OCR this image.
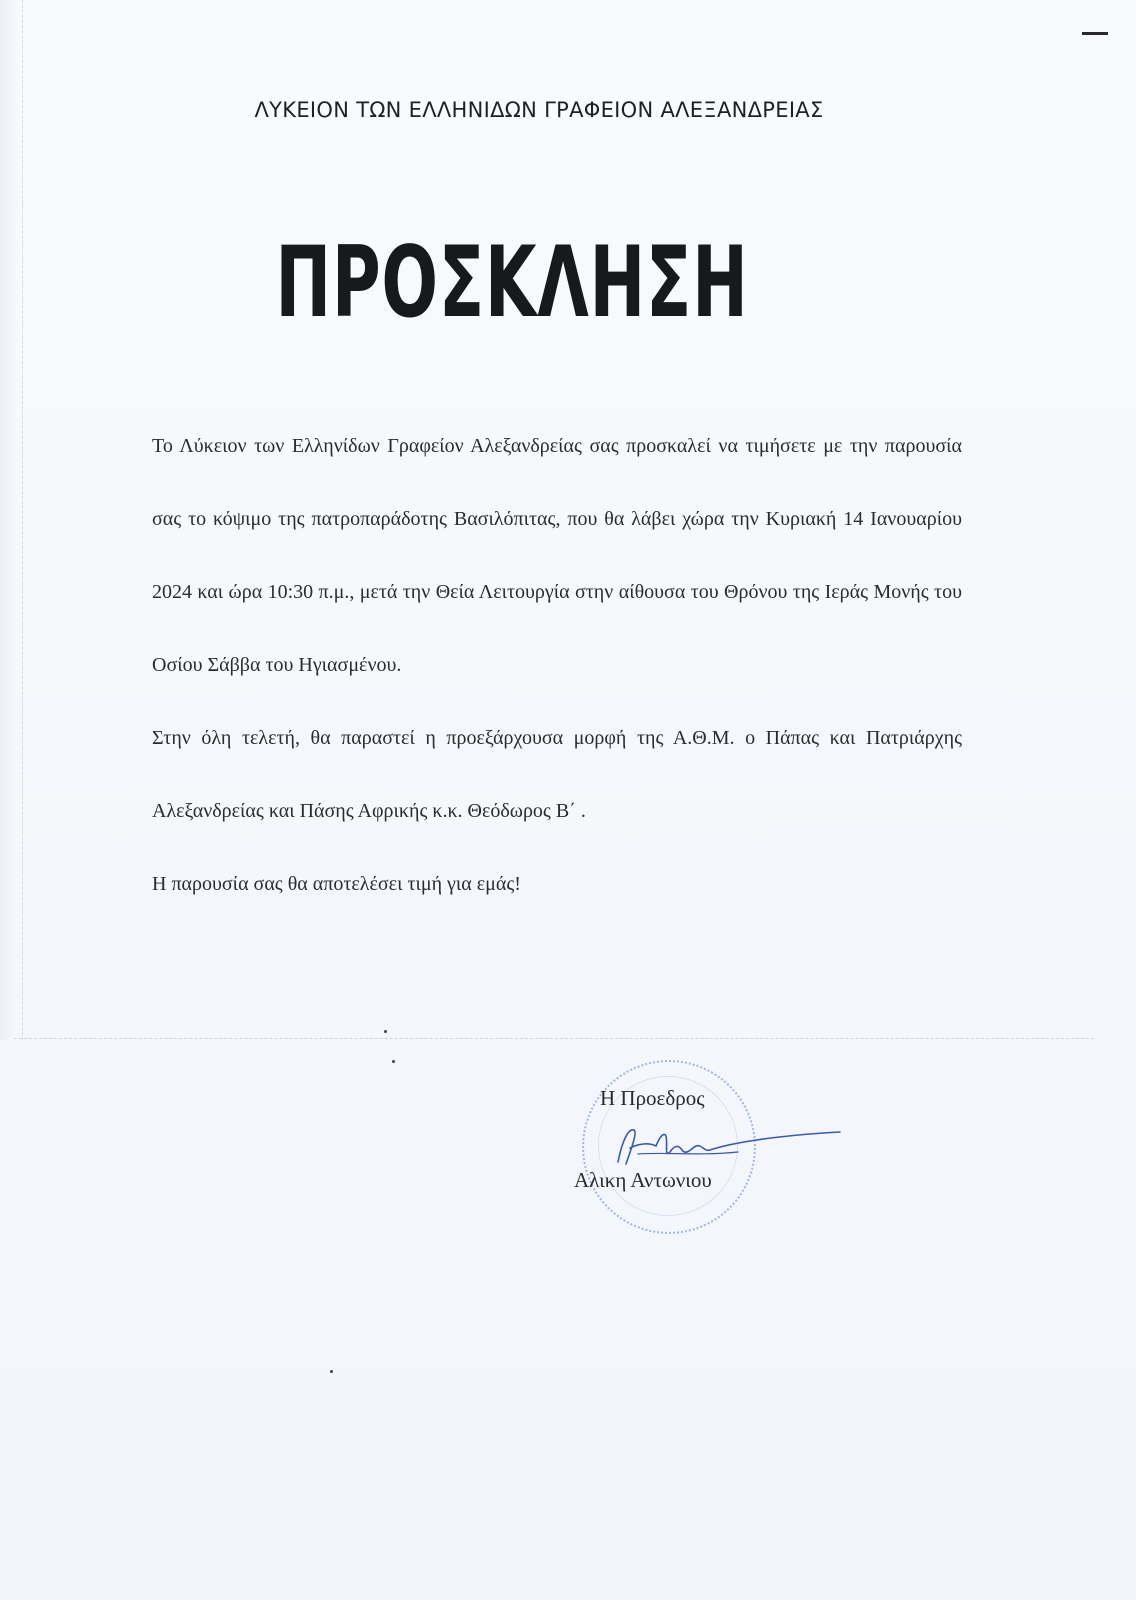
ΛΥΚΕΙΟΝ ΤΩΝ ΕΛΛΗΝΙΔΩΝ ΓΡΑΦΕΙΟΝ ΑΛΕΞΑΝΔΡΕΙΑΣ
ΠΡΟΣΚΛΗΣΗ

Το Λύκειον των Ελληνίδων Γραφείον Αλεξανδρείας σας προσκαλεί να τιμήσετε με την παρουσία σας το κόψιμο της πατροπαράδοτης Βασιλόπιτας, που θα λάβει χώρα την Κυριακή 14 Ιανουαρίου 2024 και ώρα 10:30 π.μ., μετά την Θεία Λειτουργία στην αίθουσα του Θρόνου της Ιεράς Μονής του Οσίου Σάββα του Ηγιασμένου.

Στην όλη τελετή, θα παραστεί η προεξάρχουσα μορφή της Α.Θ.Μ. ο Πάπας και Πατριάρχης Αλεξανδρείας και Πάσης Αφρικής κ.κ. Θεόδωρος Β΄ .

Η παρουσία σας θα αποτελέσει τιμή για εμάς!

Η Προεδρος
Αλικη Αντωνιου
